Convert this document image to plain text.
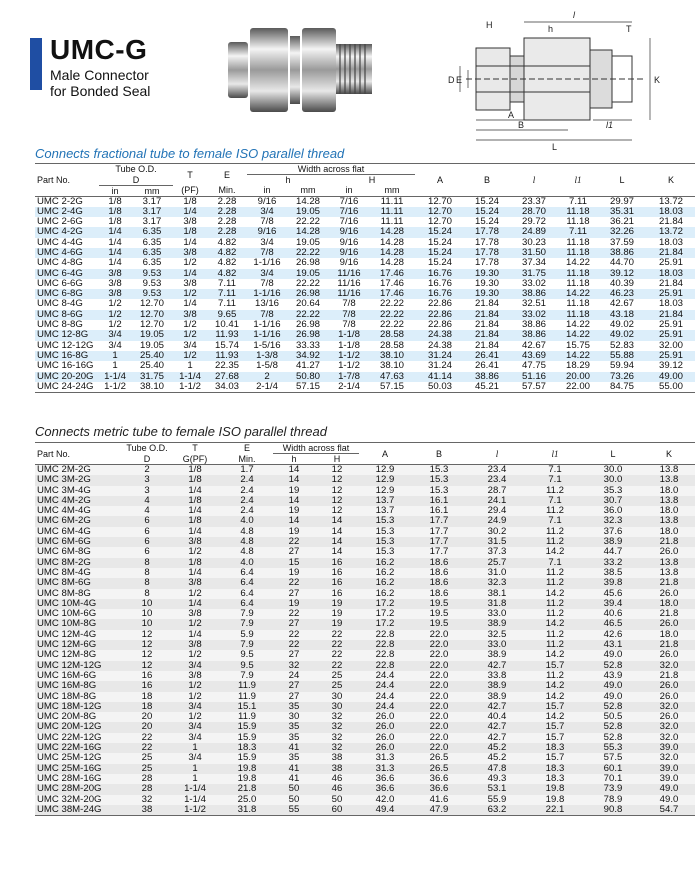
UMC-G
Male Connector
for Bonded Seal
H
l
h	T
D E	K
A
B	l1
L
Connects fractional tube to female ISO parallel thread
Part No.	Tube O.D.		T	E	Width across flat				A	B	l	l1	L	K
	D				h		H							
	in	mm	(PF)	Min.	in	mm	in	mm						
UMC 2-2G	1/8	3.17	1/8	2.28	9/16	14.28	7/16	11.11	12.70	15.24	23.37	7.11	29.97	13.72
UMC 2-4G	1/8	3.17	1/4	2.28	3/4	19.05	7/16	11.11	12.70	15.24	28.70	11.18	35.31	18.03
UMC 2-6G	1/8	3.17	3/8	2.28	7/8	22.22	7/16	11.11	12.70	15.24	29.72	11.18	36.21	21.84
UMC 4-2G	1/4	6.35	1/8	2.28	9/16	14.28	9/16	14.28	15.24	17.78	24.89	7.11	32.26	13.72
UMC 4-4G	1/4	6.35	1/4	4.82	3/4	19.05	9/16	14.28	15.24	17.78	30.23	11.18	37.59	18.03
UMC 4-6G	1/4	6.35	3/8	4.82	7/8	22.22	9/16	14.28	15.24	17.78	31.50	11.18	38.86	21.84
UMC 4-8G	1/4	6.35	1/2	4.82	1-1/16	26.98	9/16	14.28	15.24	17.78	37.34	14.22	44.70	25.91
UMC 6-4G	3/8	9.53	1/4	4.82	3/4	19.05	11/16	17.46	16.76	19.30	31.75	11.18	39.12	18.03
UMC 6-6G	3/8	9.53	3/8	7.11	7/8	22.22	11/16	17.46	16.76	19.30	33.02	11.18	40.39	21.84
UMC 6-8G	3/8	9.53	1/2	7.11	1-1/16	26.98	11/16	17.46	16.76	19.30	38.86	14.22	46.23	25.91
UMC 8-4G	1/2	12.70	1/4	7.11	13/16	20.64	7/8	22.22	22.86	21.84	32.51	11.18	42.67	18.03
UMC 8-6G	1/2	12.70	3/8	9.65	7/8	22.22	7/8	22.22	22.86	21.84	33.02	11.18	43.18	21.84
UMC 8-8G	1/2	12.70	1/2	10.41	1-1/16	26.98	7/8	22.22	22.86	21.84	38.86	14.22	49.02	25.91
UMC 12-8G	3/4	19.05	1/2	11.93	1-1/16	26.98	1-1/8	28.58	24.38	21.84	38.86	14.22	49.02	25.91
UMC 12-12G	3/4	19.05	3/4	15.74	1-5/16	33.33	1-1/8	28.58	24.38	21.84	42.67	15.75	52.83	32.00
UMC 16-8G	1	25.40	1/2	11.93	1-3/8	34.92	1-1/2	38.10	31.24	26.41	43.69	14.22	55.88	25.91
UMC 16-16G	1	25.40	1	22.35	1-5/8	41.27	1-1/2	38.10	31.24	26.41	47.75	18.29	59.94	39.12
UMC 20-20G	1-1/4	31.75	1-1/4	27.68	2	50.80	1-7/8	47.63	41.14	38.86	51.16	20.00	73.26	49.00
UMC 24-24G	1-1/2	38.10	1-1/2	34.03	2-1/4	57.15	2-1/4	57.15	50.03	45.21	57.57	22.00	84.75	55.00
Connects metric tube to female ISO parallel thread
Part No.	Tube O.D.	T	E	Width across flat		A	B	l	l1	L	K
	D	G(PF)	Min.	h	H						
UMC 2M-2G	2	1/8	1.7	14	12	12.9	15.3	23.4	7.1	30.0	13.8
UMC 3M-2G	3	1/8	2.4	14	12	12.9	15.3	23.4	7.1	30.0	13.8
UMC 3M-4G	3	1/4	2.4	19	12	12.9	15.3	28.7	11.2	35.3	18.0
UMC 4M-2G	4	1/8	2.4	14	12	13.7	16.1	24.1	7.1	30.7	13.8
UMC 4M-4G	4	1/4	2.4	19	12	13.7	16.1	29.4	11.2	36.0	18.0
UMC 6M-2G	6	1/8	4.0	14	14	15.3	17.7	24.9	7.1	32.3	13.8
UMC 6M-4G	6	1/4	4.8	19	14	15.3	17.7	30.2	11.2	37.6	18.0
UMC 6M-6G	6	3/8	4.8	22	14	15.3	17.7	31.5	11.2	38.9	21.8
UMC 6M-8G	6	1/2	4.8	27	14	15.3	17.7	37.3	14.2	44.7	26.0
UMC 8M-2G	8	1/8	4.0	15	16	16.2	18.6	25.7	7.1	33.2	13.8
UMC 8M-4G	8	1/4	6.4	19	16	16.2	18.6	31.0	11.2	38.5	13.8
UMC 8M-6G	8	3/8	6.4	22	16	16.2	18.6	32.3	11.2	39.8	21.8
UMC 8M-8G	8	1/2	6.4	27	16	16.2	18.6	38.1	14.2	45.6	26.0
UMC 10M-4G	10	1/4	6.4	19	19	17.2	19.5	31.8	11.2	39.4	18.0
UMC 10M-6G	10	3/8	7.9	22	19	17.2	19.5	33.0	11.2	40.6	21.8
UMC 10M-8G	10	1/2	7.9	27	19	17.2	19.5	38.9	14.2	46.5	26.0
UMC 12M-4G	12	1/4	5.9	22	22	22.8	22.0	32.5	11.2	42.6	18.0
UMC 12M-6G	12	3/8	7.9	22	22	22.8	22.0	33.0	11.2	43.1	21.8
UMC 12M-8G	12	1/2	9.5	27	22	22.8	22.0	38.9	14.2	49.0	26.0
UMC 12M-12G	12	3/4	9.5	32	22	22.8	22.0	42.7	15.7	52.8	32.0
UMC 16M-6G	16	3/8	7.9	24	25	24.4	22.0	33.8	11.2	43.9	21.8
UMC 16M-8G	16	1/2	11.9	27	25	24.4	22.0	38.9	14.2	49.0	26.0
UMC 18M-8G	18	1/2	11.9	27	30	24.4	22.0	38.9	14.2	49.0	26.0
UMC 18M-12G	18	3/4	15.1	35	30	24.4	22.0	42.7	15.7	52.8	32.0
UMC 20M-8G	20	1/2	11.9	30	32	26.0	22.0	40.4	14.2	50.5	26.0
UMC 20M-12G	20	3/4	15.9	35	32	26.0	22.0	42.7	15.7	52.8	32.0
UMC 22M-12G	22	3/4	15.9	35	32	26.0	22.0	42.7	15.7	52.8	32.0
UMC 22M-16G	22	1	18.3	41	32	26.0	22.0	45.2	18.3	55.3	39.0
UMC 25M-12G	25	3/4	15.9	35	38	31.3	26.5	45.2	15.7	57.5	32.0
UMC 25M-16G	25	1	19.8	41	38	31.3	26.5	47.8	18.3	60.1	39.0
UMC 28M-16G	28	1	19.8	41	46	36.6	36.6	49.3	18.3	70.1	39.0
UMC 28M-20G	28	1-1/4	21.8	50	46	36.6	36.6	53.1	19.8	73.9	49.0
UMC 32M-20G	32	1-1/4	25.0	50	50	42.0	41.6	55.9	19.8	78.9	49.0
UMC 38M-24G	38	1-1/2	31.8	55	60	49.4	47.9	63.2	22.1	90.8	54.7
